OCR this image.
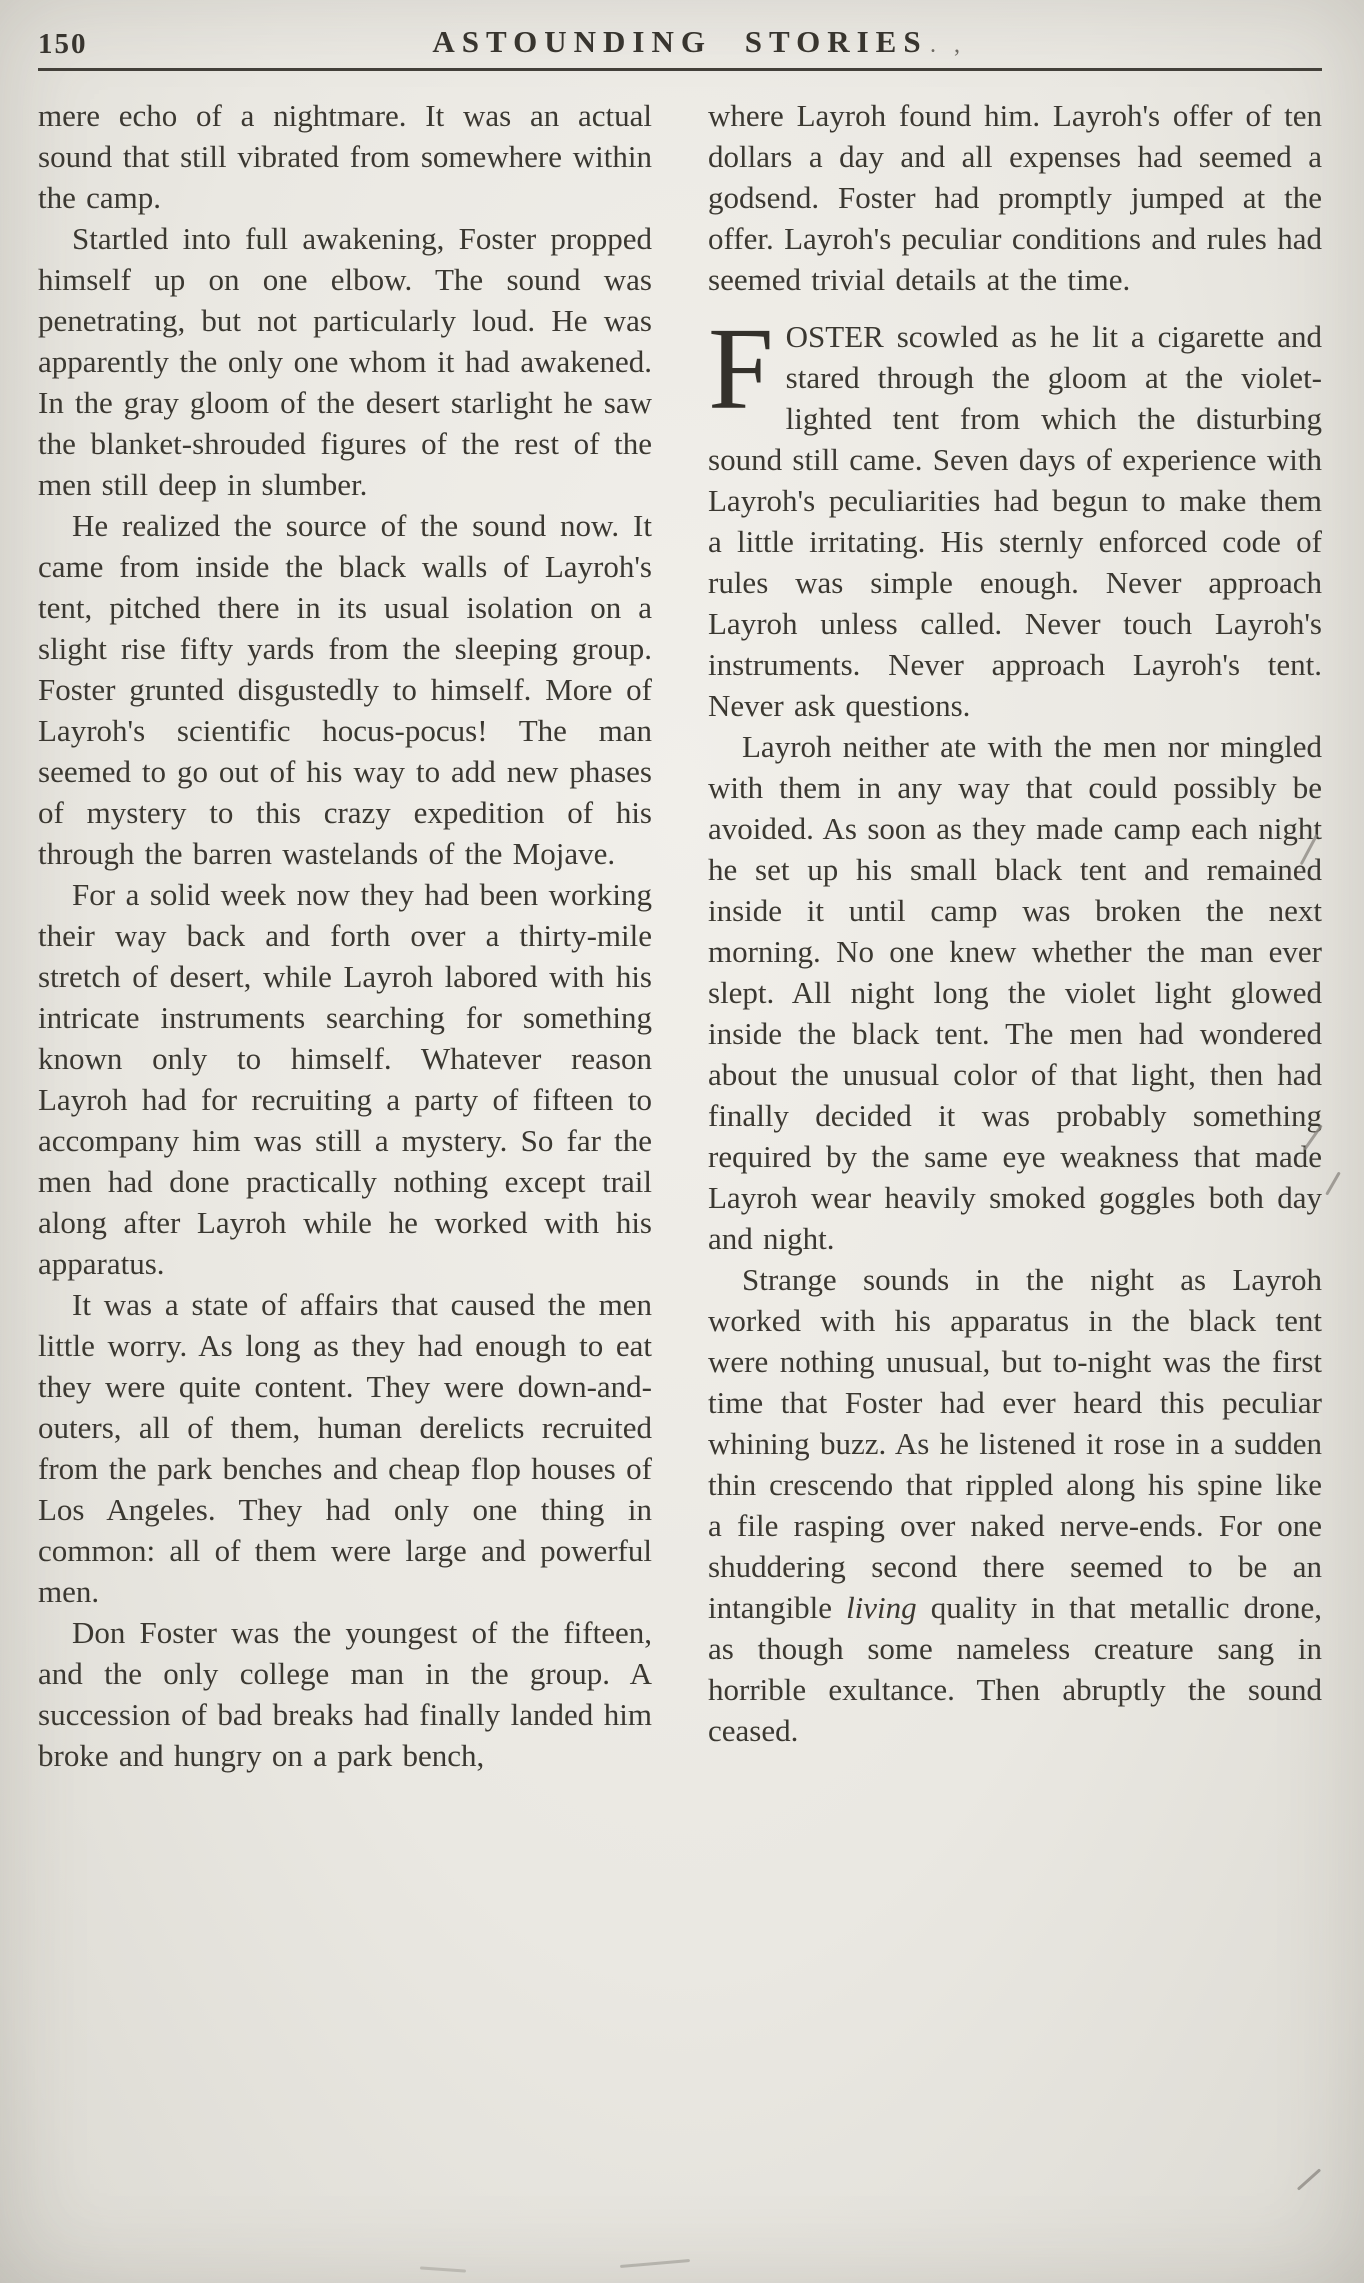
150	ASTOUNDING STORIES . ,

mere echo of a nightmare. It was an actual sound that still vibrated from somewhere within the camp.

Startled into full awakening, Foster propped himself up on one elbow. The sound was penetrating, but not particularly loud. He was apparently the only one whom it had awakened. In the gray gloom of the desert starlight he saw the blanket-shrouded figures of the rest of the men still deep in slumber.

He realized the source of the sound now. It came from inside the black walls of Layroh's tent, pitched there in its usual isolation on a slight rise fifty yards from the sleeping group. Foster grunted disgustedly to himself. More of Layroh's scientific hocus-pocus! The man seemed to go out of his way to add new phases of mystery to this crazy expedition of his through the barren wastelands of the Mojave.

For a solid week now they had been working their way back and forth over a thirty-mile stretch of desert, while Layroh labored with his intricate instruments searching for something known only to himself. Whatever reason Layroh had for recruiting a party of fifteen to accompany him was still a mystery. So far the men had done practically nothing except trail along after Layroh while he worked with his apparatus.

It was a state of affairs that caused the men little worry. As long as they had enough to eat they were quite content. They were down-and-outers, all of them, human derelicts recruited from the park benches and cheap flop houses of Los Angeles. They had only one thing in common: all of them were large and powerful men.

Don Foster was the youngest of the fifteen, and the only college man in the group. A succession of bad breaks had finally landed him broke and hungry on a park bench,

where Layroh found him. Layroh's offer of ten dollars a day and all expenses had seemed a godsend. Foster had promptly jumped at the offer. Layroh's peculiar conditions and rules had seemed trivial details at the time.

FOSTER scowled as he lit a cigarette and stared through the gloom at the violet-lighted tent from which the disturbing sound still came. Seven days of experience with Layroh's peculiarities had begun to make them a little irritating. His sternly enforced code of rules was simple enough. Never approach Layroh unless called. Never touch Layroh's instruments. Never approach Layroh's tent. Never ask questions.

Layroh neither ate with the men nor mingled with them in any way that could possibly be avoided. As soon as they made camp each night he set up his small black tent and remained inside it until camp was broken the next morning. No one knew whether the man ever slept. All night long the violet light glowed inside the black tent. The men had wondered about the unusual color of that light, then had finally decided it was probably something required by the same eye weakness that made Layroh wear heavily smoked goggles both day and night.

Strange sounds in the night as Layroh worked with his apparatus in the black tent were nothing unusual, but to-night was the first time that Foster had ever heard this peculiar whining buzz. As he listened it rose in a sudden thin crescendo that rippled along his spine like a file rasping over naked nerve-ends. For one shuddering second there seemed to be an intangible living quality in that metallic drone, as though some nameless creature sang in horrible exultance. Then abruptly the sound ceased.
